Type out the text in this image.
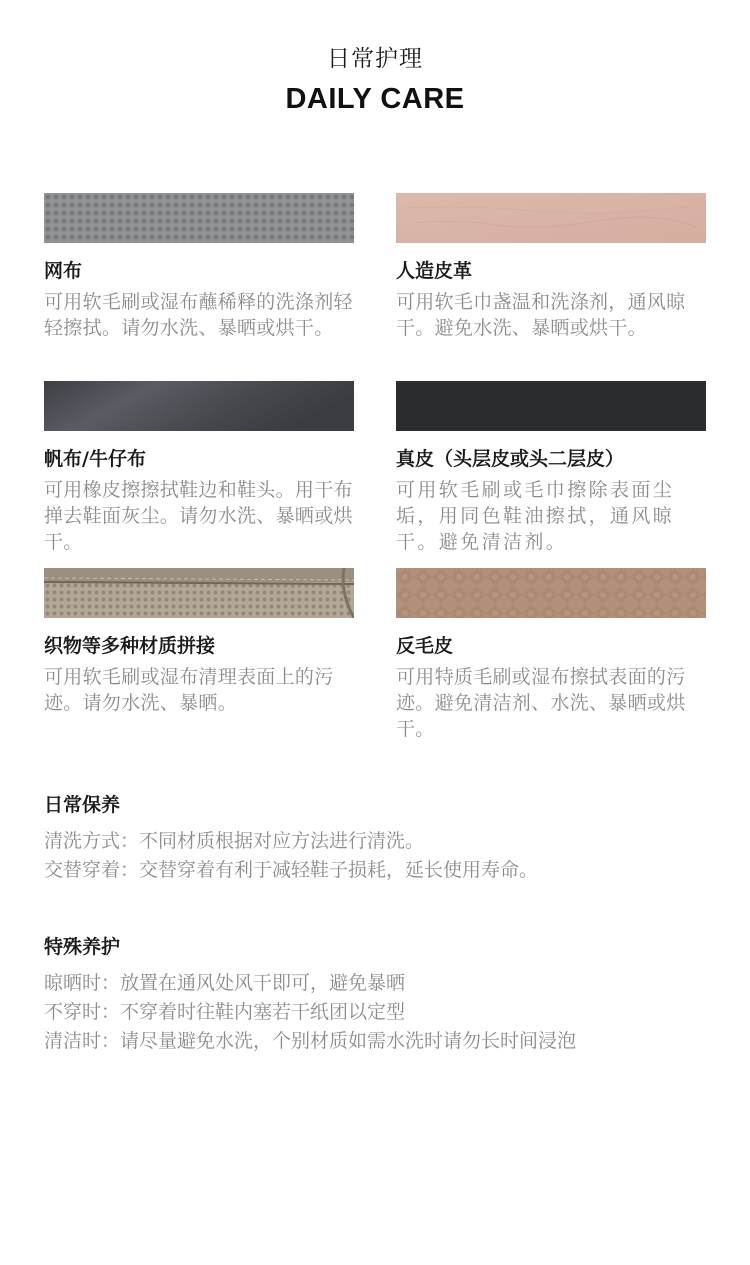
日常护理
DAILY CARE
网布
可用软毛刷或湿布蘸稀释的洗涤剂轻轻擦拭。请勿水洗、暴晒或烘干。
人造皮革
可用软毛巾盏温和洗涤剂，通风晾干。避免水洗、暴晒或烘干。
帆布/牛仔布
可用橡皮擦擦拭鞋边和鞋头。用干布掸去鞋面灰尘。请勿水洗、暴晒或烘干。
真皮（头层皮或头二层皮）
可用软毛刷或毛巾擦除表面尘垢，用同色鞋油擦拭，通风晾干。避免清洁剂。
织物等多种材质拼接
可用软毛刷或湿布清理表面上的污迹。请勿水洗、暴晒。
反毛皮
可用特质毛刷或湿布擦拭表面的污迹。避免清洁剂、水洗、暴晒或烘干。
日常保养
清洗方式：不同材质根据对应方法进行清洗。
交替穿着：交替穿着有利于减轻鞋子损耗，延长使用寿命。
特殊养护
晾晒时：放置在通风处风干即可，避免暴晒
不穿时：不穿着时往鞋内塞若干纸团以定型
清洁时：请尽量避免水洗，个别材质如需水洗时请勿长时间浸泡
